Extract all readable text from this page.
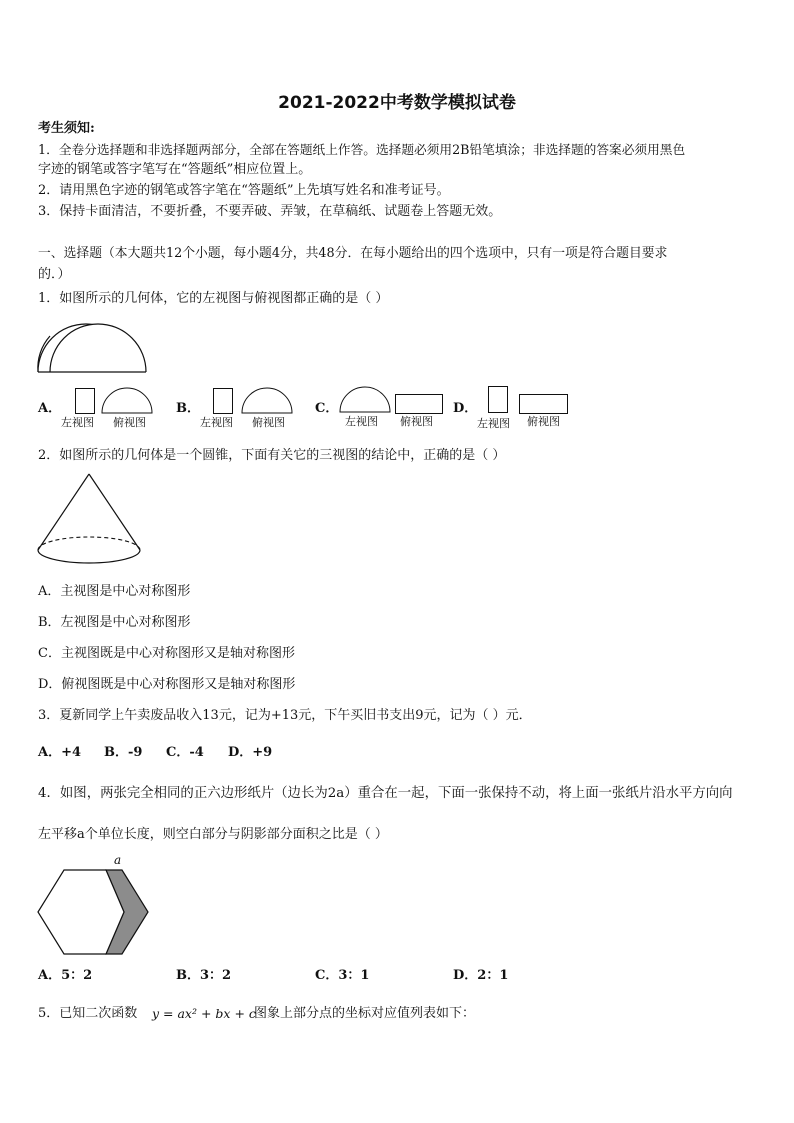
2021-2022中考数学模拟试卷
考生须知:
1．全卷分选择题和非选择题两部分，全部在答题纸上作答。选择题必须用2B铅笔填涂；非选择题的答案必须用黑色
字迹的钢笔或答字笔写在“答题纸”相应位置上。
2．请用黑色字迹的钢笔或答字笔在“答题纸”上先填写姓名和准考证号。
3．保持卡面清洁，不要折叠，不要弄破、弄皱，在草稿纸、试题卷上答题无效。
一、选择题（本大题共12个小题，每小题4分，共48分．在每小题给出的四个选项中，只有一项是符合题目要求
的．）
1．如图所示的几何体，它的左视图与俯视图都正确的是（ ）
A．
左视图 俯视图
B．
左视图 俯视图
C．
左视图 俯视图
D．
左视图 俯视图
2．如图所示的几何体是一个圆锥，下面有关它的三视图的结论中，正确的是（ ）
A．主视图是中心对称图形
B．左视图是中心对称图形
C．主视图既是中心对称图形又是轴对称图形
D．俯视图既是中心对称图形又是轴对称图形
3．夏新同学上午卖废品收入13元，记为+13元，下午买旧书支出9元，记为（ ）元．
A．+4 B．-9 C．-4 D．+9
4．如图，两张完全相同的正六边形纸片（边长为2a）重合在一起，下面一张保持不动，将上面一张纸片沿水平方向向
左平移a个单位长度，则空白部分与阴影部分面积之比是（ ）
a
A．5：2	B．3：2	C．3：1	D．2：1
5．已知二次函数 y = ax² + bx + c
图象上部分点的坐标对应值列表如下：
